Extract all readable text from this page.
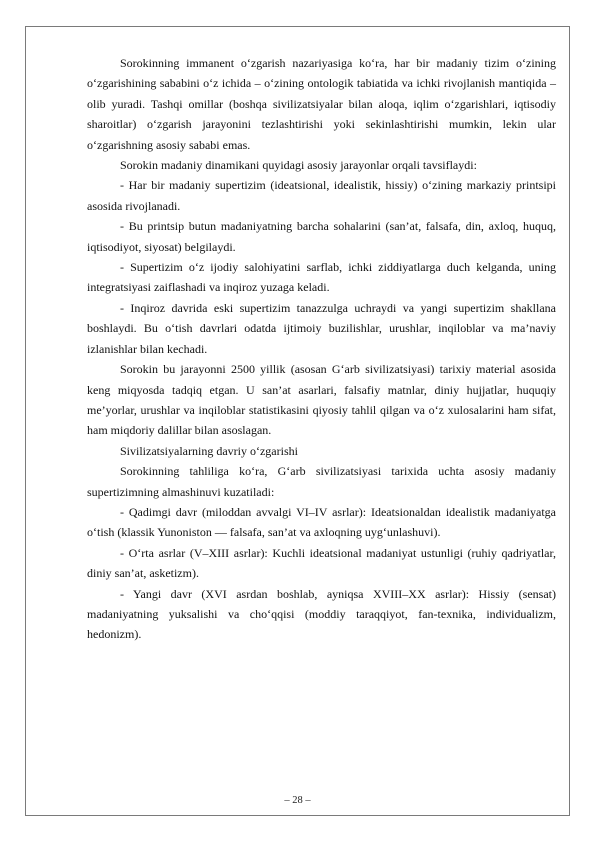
Sorokinning immanent o‘zgarish nazariyasiga ko‘ra, har bir madaniy tizim o‘zining o‘zgarishining sababini o‘z ichida – o‘zining ontologik tabiatida va ichki rivojlanish mantiqida – olib yuradi. Tashqi omillar (boshqa sivilizatsiyalar bilan aloqa, iqlim o‘zgarishlari, iqtisodiy sharoitlar) o‘zgarish jarayonini tezlashtirishi yoki sekinlashtirishi mumkin, lekin ular o‘zgarishning asosiy sababi emas.

Sorokin madaniy dinamikani quyidagi asosiy jarayonlar orqali tavsiflaydi:

- Har bir madaniy supertizim (ideatsional, idealistik, hissiy) o‘zining markaziy printsipi asosida rivojlanadi.

- Bu printsip butun madaniyatning barcha sohalarini (san’at, falsafa, din, axloq, huquq, iqtisodiyot, siyosat) belgilaydi.

- Supertizim o‘z ijodiy salohiyatini sarflab, ichki ziddiyatlarga duch kelganda, uning integratsiyasi zaiflashadi va inqiroz yuzaga keladi.

- Inqiroz davrida eski supertizim tanazzulga uchraydi va yangi supertizim shakllana boshlaydi. Bu o‘tish davrlari odatda ijtimoiy buzilishlar, urushlar, inqiloblar va ma’naviy izlanishlar bilan kechadi.

Sorokin bu jarayonni 2500 yillik (asosan G‘arb sivilizatsiyasi) tarixiy material asosida keng miqyosda tadqiq etgan. U san’at asarlari, falsafiy matnlar, diniy hujjatlar, huquqiy me’yorlar, urushlar va inqiloblar statistikasini qiyosiy tahlil qilgan va o‘z xulosalarini ham sifat, ham miqdoriy dalillar bilan asoslagan.

Sivilizatsiyalarning davriy o‘zgarishi

Sorokinning tahliliga ko‘ra, G‘arb sivilizatsiyasi tarixida uchta asosiy madaniy supertizimning almashinuvi kuzatiladi:

- Qadimgi davr (miloddan avvalgi VI–IV asrlar): Ideatsionaldan idealistik madaniyatga o‘tish (klassik Yunoniston — falsafa, san’at va axloqning uyg‘unlashuvi).

- O‘rta asrlar (V–XIII asrlar): Kuchli ideatsional madaniyat ustunligi (ruhiy qadriyatlar, diniy san’at, asketizm).

- Yangi davr (XVI asrdan boshlab, ayniqsa XVIII–XX asrlar): Hissiy (sensat) madaniyatning yuksalishi va cho‘qqisi (moddiy taraqqiyot, fan-texnika, individualizm, hedonizm).

– 28 –
